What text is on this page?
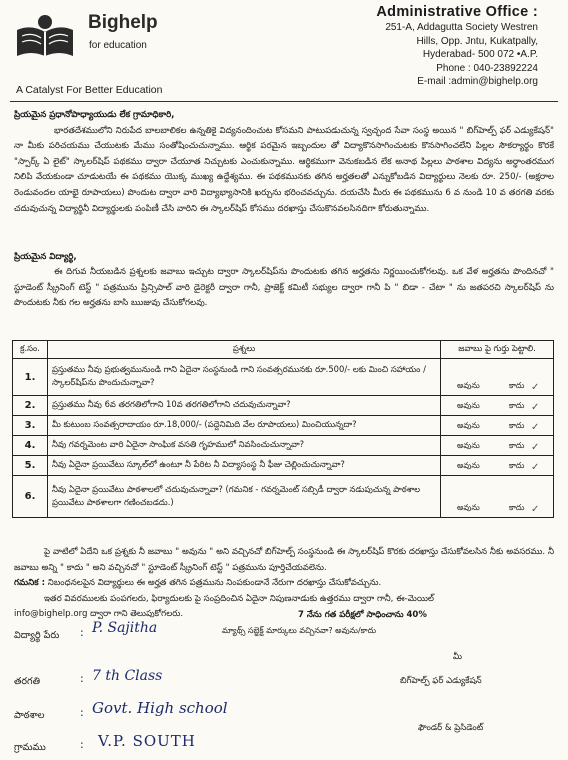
Bighelp
for education
A Catalyst For Better Education
Administrative Office :
251-A, Addagutta Society Westren
Hills, Opp. Jntu, Kukatpally,
Hyderabad- 500 072 •A.P.
Phone : 040-23892224
E-mail :admin@bighelp.org
ప్రియమైన ప్రధానోపాధ్యాయుడు లేక గ్రామాధికారి,
భారతదేశములోని నిరుపేద బాలబాలికల ఉన్నతికై విద్యనందించుట కోసమని పాటుపడుచున్న స్వచ్ఛంద సేవా సంస్థ అయిన " బిగ్‌హెల్ప్ ఫర్ ఎడ్యుకేషన్" నా మీకు పరిచయము చేయుటకు మేము సంతోషించుచున్నాము. ఆర్థిక పరమైన ఇబ్బందుల తో విద్యాకొనసాగించుటకు కొనసాగించలేని పిల్లల సౌకర్యార్థం కొరకే "స్పార్క్ ఏ లైట్" స్కాలర్‌షిప్ పథకము ద్వారా చేయూత నిచ్చుటకు ఎంచుకున్నాము. ఆర్థికముగా వెనుకబడిన లేక అనాథ పిల్లలు పాఠశాల విద్యను అర్ధాంతరముగ నిలిపి వేయకుండా చూడుటయే ఈ పథకము యొక్క ముఖ్య ఉద్దేశ్యము. ఈ పథకమునకు తగిన అర్హతలతో ఎన్నుకోబడిన విద్యార్థులు నెలకు రూ. 250/- (అక్షరాల రెండువందల యాభై రూపాయలు) పొందుట ద్వారా వారి విద్యాభ్యాసానికి ఖర్చును భరించవచ్చును. దయచేసి మీరు ఈ పథకమును 6 వ నుండి 10 వ తరగతి వరకు చదువుచున్న విద్యార్థినీ విద్యార్థులకు పంపిణీ చేసి వారిని ఈ స్కాలర్‌షిప్ కోసము దరఖాస్తు చేసుకొనవలసినదిగా కోరుతున్నాము.
ప్రియమైన విద్యార్థి,
ఈ దిగువ నీయబడిన ప్రశ్నలకు జవాబు ఇచ్చుట ద్వారా స్కాలర్‌షిప్‌ను పొందుటకు తగిన అర్హతను నిర్ణయించుకోగలవు. ఒక వేళ అర్హతను పొందినచో " స్టూడెంట్ స్క్రీనింగ్ టెస్ట్ " పత్రమును ప్రిన్సిపాల్ వారి డైరెక్టరీ ద్వారా గానీ, ప్రాజెక్ట్ కమిటీ సభ్యుల ద్వారా గానీ పి " బిడా - చేటా " ను జతపరచి స్కాలర్‌షిప్ ను పొందుటకు నీకు గల అర్హతను బాసి ఋజువు చేసుకోగలవు.
క్ర.సం.	ప్రశ్నలు	జవాబు పై గుర్తు పెట్టాలి.
1.	ప్రస్తుతము నీవు ప్రభుత్వమునుండి గాని ఏదైనా సంస్థనుండి గాని సంవత్సరమునకు రూ.500/- లకు మించి సహాయం / స్కాలర్‌షిప్‌ను పొందుచున్నావా?	అవును కాదు ✓

2.	ప్రస్తుతము నీవు 6వ తరగతిలోగాని 10వ తరగతిలోగాని చదువుచున్నావా?	అవును కాదు ✓

3.	మీ కుటుంబ సంవత్సరాదాయం రూ.18,000/- (పద్దెనిమిది వేల రూపాయలు) మించియున్నదా?	అవును కాదు ✓

4.	నీవు గవర్నమెంట వారి ఏదైనా సాంఘిక వసతి గృహములో నివసించుచున్నావా?	అవును కాదు ✓

5.	నీవు ఏదైనా ప్రయివేటు స్కూల్‌లో ఉంటూ నీ పేరిట నీ విద్యాసంస్థ నీ ఫీజు చెల్లించుచున్నావా?	అవును కాదు ✓

6.	నీవు ఏదైనా ప్రయివేటు పాఠశాలలో చదువుచున్నావా? (గమనిక - గవర్నమెంట్ సబ్సిడీ ద్వారా నడుపుచున్న పాఠశాల ప్రయివేటు పాఠశాలగా గణించబడదు.)	అవును కాదు ✓
పై వాటిలో ఏదేని ఒక ప్రశ్నకు నీ జవాబు " అవును " అని వచ్చినచో బిగ్‌హెల్ప్ సంస్థనుండి ఈ స్కాలర్‌షిప్ కొరకు దరఖాస్తు చేసుకోవలసిన నీకు అవసరము. నీ జవాబు అన్ని " కాదు " అని వచ్చినచో " స్టూడెంట్ స్క్రీనింగ్ టెస్ట్ " పత్రమును పూర్తిచేయవలెను.
గమనిక : నిబంధనలపైన విద్యార్థులు ఈ అర్హత తగిన పత్రమును నింపకుండానే నేరుగా దరఖాస్తు చేసుకోవచ్చును.
ఇతర వివరములకు పంపగలరు, ఫిర్యాదులకు పై సంప్రదించిన ఏదైనా నిపుణనాడుకు ఉత్తరము ద్వారా గానీ, ఈ-మెయిల్
info@bighelp.org ద్వారా గాని తెలుపుకోగలరు.	7 నేను గత పరీక్షలో సాధించాను 40%
మ్యాథ్స్ సబ్జెక్ట్ మార్కులు వచ్చినవా? అవును/కాదు
విద్యార్థి పేరు : P. Sajitha
తరగతి	: 7 th Class
పాఠశాల	: Govt. High school
గ్రామము	: V.P. SOUTH
మీ
బిగ్‌హెల్ప్ ఫర్ ఎడ్యుకేషన్
ఫౌండర్ & ప్రెసిడెంట్
